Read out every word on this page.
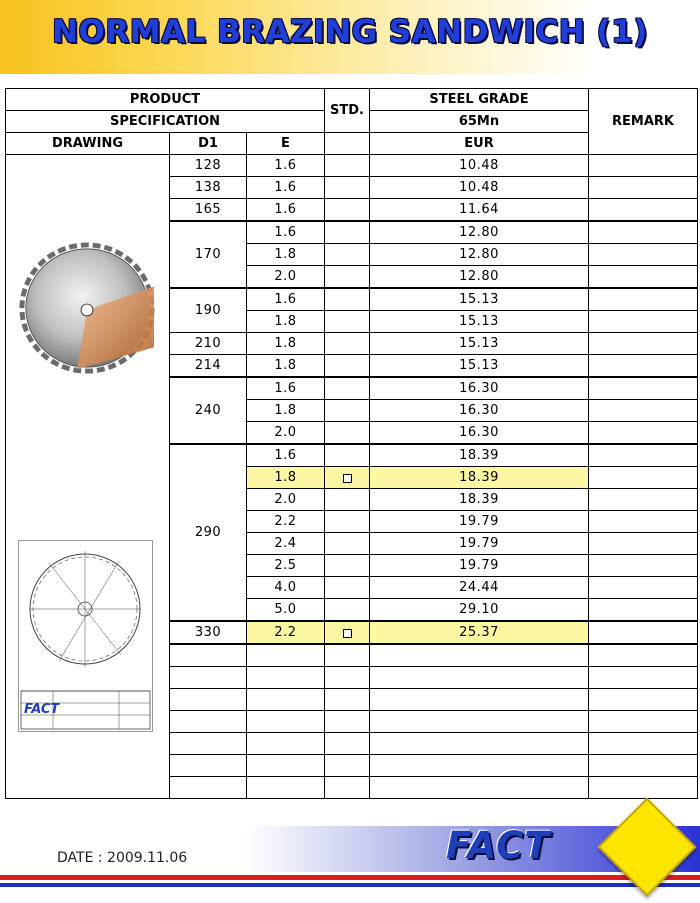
NORMAL BRAZING SANDWICH (1)
PRODUCT			STD.	STEEL GRADE	REMARK
SPECIFICATION				65Mn	
DRAWING	D1	E		EUR	

FACT	128	1.6		10.48	
	138	1.6		10.48	
	165	1.6		11.64	
	170	1.6		12.80	
		1.8		12.80	
		2.0		12.80	
	190	1.6		15.13	
		1.8		15.13	
	210	1.8		15.13	
	214	1.8		15.13	
	240	1.6		16.30	
		1.8		16.30	
		2.0		16.30	
	290	1.6		18.39	
		1.8		18.39	
		2.0		18.39	
		2.2		19.79	
		2.4		19.79	
		2.5		19.79	
		4.0		24.44	
		5.0		29.10	
	330	2.2		25.37	

DATE : 2009.11.06	FACT
